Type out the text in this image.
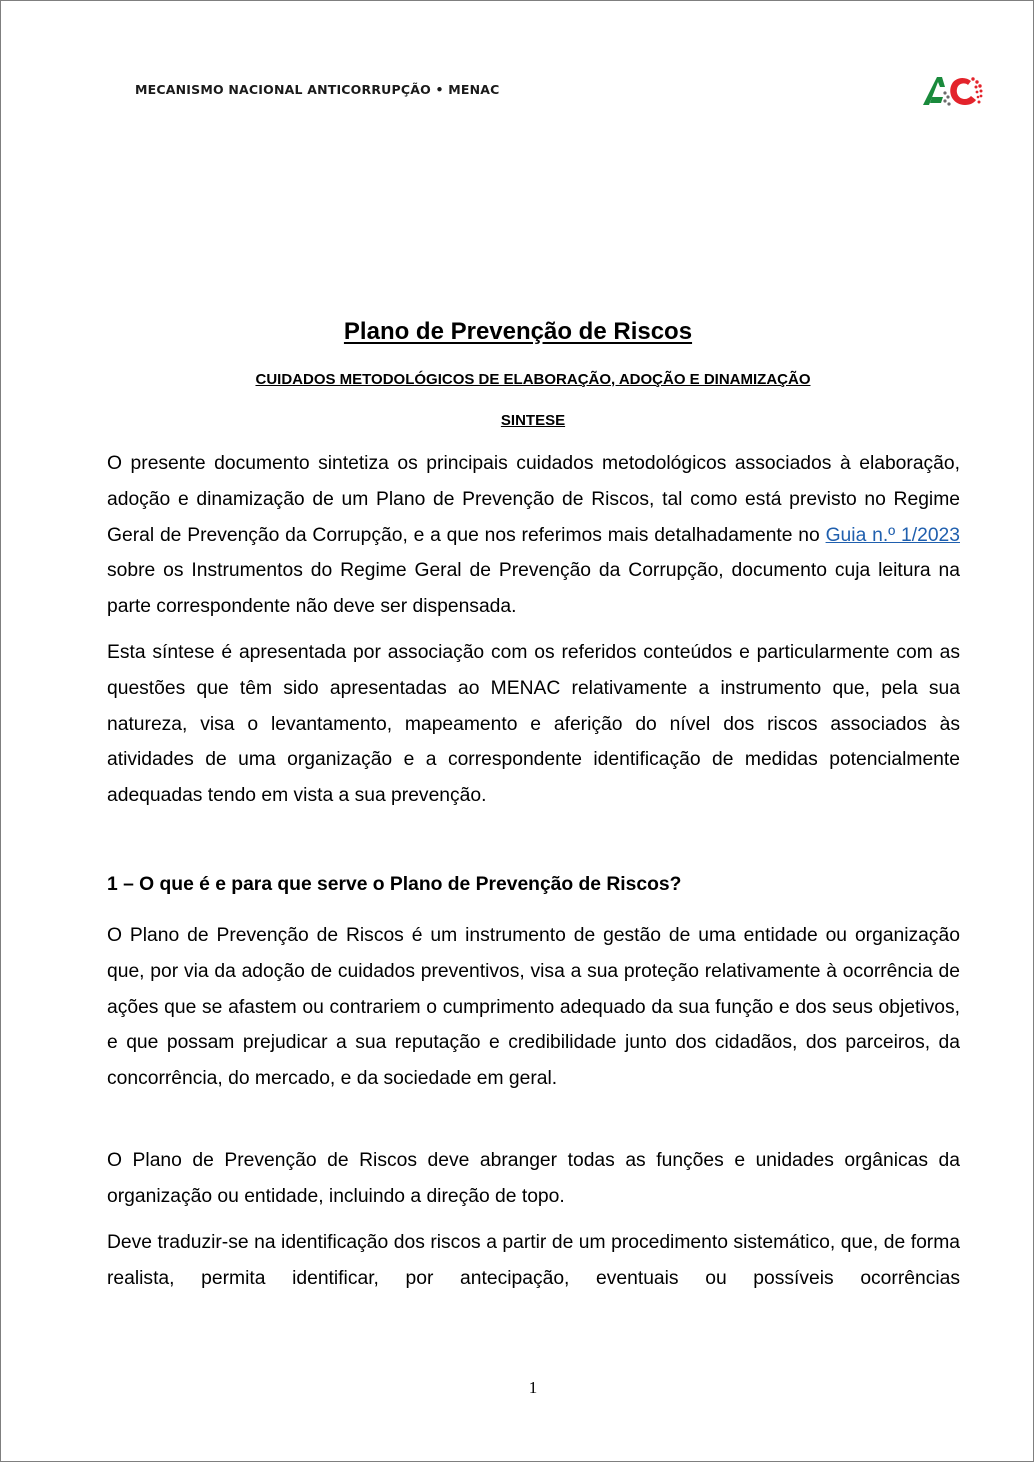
MECANISMO NACIONAL ANTICORRUPÇÃO • MENAC
Plano de Prevenção de Riscos
CUIDADOS METODOLÓGICOS DE ELABORAÇÃO, ADOÇÃO E DINAMIZAÇÃO
SINTESE

O presente documento sintetiza os principais cuidados metodológicos associados à elaboração, adoção e dinamização de um Plano de Prevenção de Riscos, tal como está previsto no Regime Geral de Prevenção da Corrupção, e a que nos referimos mais detalhadamente no Guia n.º 1/2023 sobre os Instrumentos do Regime Geral de Prevenção da Corrupção, documento cuja leitura na parte correspondente não deve ser dispensada.

Esta síntese é apresentada por associação com os referidos conteúdos e particularmente com as questões que têm sido apresentadas ao MENAC relativamente a instrumento que, pela sua natureza, visa o levantamento, mapeamento e aferição do nível dos riscos associados às atividades de uma organização e a correspondente identificação de medidas potencialmente adequadas tendo em vista a sua prevenção.

1 – O que é e para que serve o Plano de Prevenção de Riscos?

O Plano de Prevenção de Riscos é um instrumento de gestão de uma entidade ou organização que, por via da adoção de cuidados preventivos, visa a sua proteção relativamente à ocorrência de ações que se afastem ou contrariem o cumprimento adequado da sua função e dos seus objetivos, e que possam prejudicar a sua reputação e credibilidade junto dos cidadãos, dos parceiros, da concorrência, do mercado, e da sociedade em geral.

O Plano de Prevenção de Riscos deve abranger todas as funções e unidades orgânicas da organização ou entidade, incluindo a direção de topo.

Deve traduzir-se na identificação dos riscos a partir de um procedimento sistemático, que, de forma realista, permita identificar, por antecipação, eventuais ou possíveis ocorrências

1
